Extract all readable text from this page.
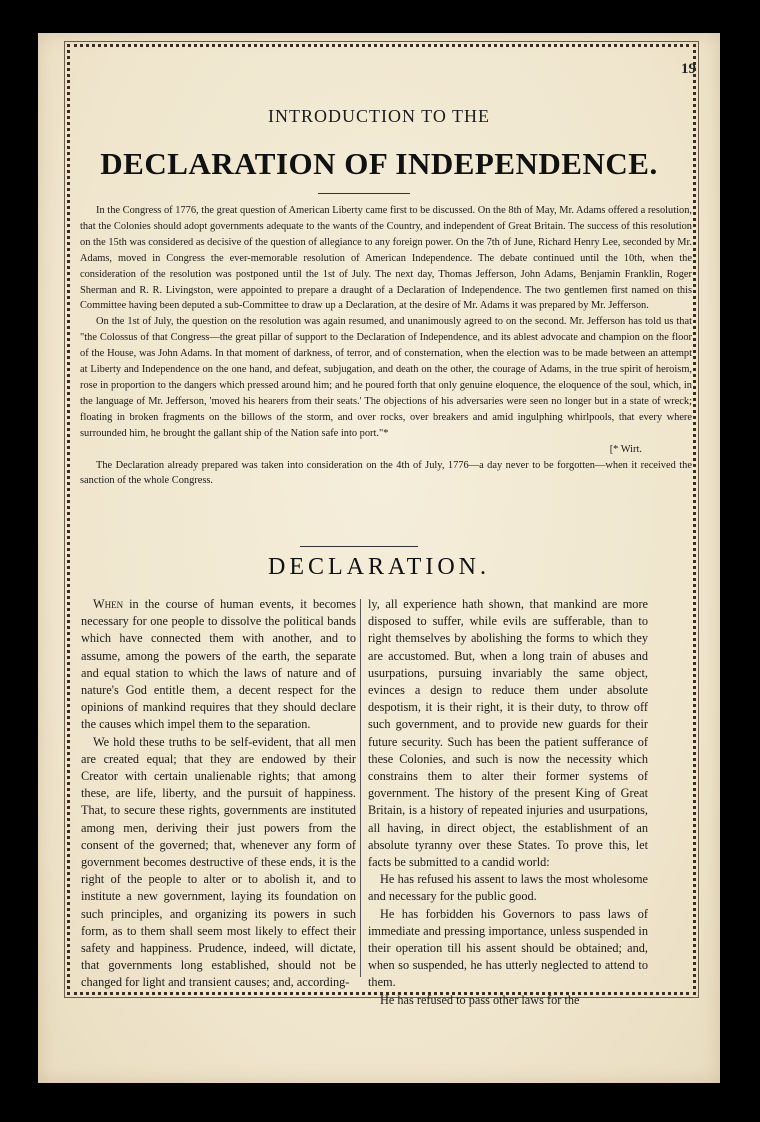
19
INTRODUCTION TO THE
DECLARATION OF INDEPENDENCE.

In the Congress of 1776, the great question of American Liberty came first to be discussed. On the 8th of May, Mr. Adams offered a resolution, that the Colonies should adopt governments adequate to the wants of the Country, and independent of Great Britain. The success of this resolution on the 15th was considered as decisive of the question of allegiance to any foreign power. On the 7th of June, Richard Henry Lee, seconded by Mr. Adams, moved in Congress the ever-memorable resolution of American Independence. The debate continued until the 10th, when the consideration of the resolution was postponed until the 1st of July. The next day, Thomas Jefferson, John Adams, Benjamin Franklin, Roger Sherman and R. R. Livingston, were appointed to prepare a draught of a Declaration of Independence. The two gentlemen first named on this Committee having been deputed a sub-Committee to draw up a Declaration, at the desire of Mr. Adams it was prepared by Mr. Jefferson.

On the 1st of July, the question on the resolution was again resumed, and unanimously agreed to on the second. Mr. Jefferson has told us that "the Colossus of that Congress—the great pillar of support to the Declaration of Independence, and its ablest advocate and champion on the floor of the House, was John Adams. In that moment of darkness, of terror, and of consternation, when the election was to be made between an attempt at Liberty and Independence on the one hand, and defeat, subjugation, and death on the other, the courage of Adams, in the true spirit of heroism, rose in proportion to the dangers which pressed around him; and he poured forth that only genuine eloquence, the eloquence of the soul, which, in the language of Mr. Jefferson, 'moved his hearers from their seats.' The objections of his adversaries were seen no longer but in a state of wreck; floating in broken fragments on the billows of the storm, and over rocks, over breakers and amid ingulphing whirlpools, that every where surrounded him, he brought the gallant ship of the Nation safe into port."*

[* Wirt.

The Declaration already prepared was taken into consideration on the 4th of July, 1776—a day never to be forgotten—when it received the sanction of the whole Congress.

DECLARATION.

When in the course of human events, it becomes necessary for one people to dissolve the political bands which have connected them with another, and to assume, among the powers of the earth, the separate and equal station to which the laws of nature and of nature's God entitle them, a decent respect for the opinions of mankind requires that they should declare the causes which impel them to the separation.

We hold these truths to be self-evident, that all men are created equal; that they are endowed by their Creator with certain unalienable rights; that among these, are life, liberty, and the pursuit of happiness. That, to secure these rights, governments are instituted among men, deriving their just powers from the consent of the governed; that, whenever any form of government becomes destructive of these ends, it is the right of the people to alter or to abolish it, and to institute a new government, laying its foundation on such principles, and organizing its powers in such form, as to them shall seem most likely to effect their safety and happiness. Prudence, indeed, will dictate, that governments long established, should not be changed for light and transient causes; and, according-

ly, all experience hath shown, that mankind are more disposed to suffer, while evils are sufferable, than to right themselves by abolishing the forms to which they are accustomed. But, when a long train of abuses and usurpations, pursuing invariably the same object, evinces a design to reduce them under absolute despotism, it is their right, it is their duty, to throw off such government, and to provide new guards for their future security. Such has been the patient sufferance of these Colonies, and such is now the necessity which constrains them to alter their former systems of government. The history of the present King of Great Britain, is a history of repeated injuries and usurpations, all having, in direct object, the establishment of an absolute tyranny over these States. To prove this, let facts be submitted to a candid world:

He has refused his assent to laws the most wholesome and necessary for the public good.

He has forbidden his Governors to pass laws of immediate and pressing importance, unless suspended in their operation till his assent should be obtained; and, when so suspended, he has utterly neglected to attend to them.

He has refused to pass other laws for the
